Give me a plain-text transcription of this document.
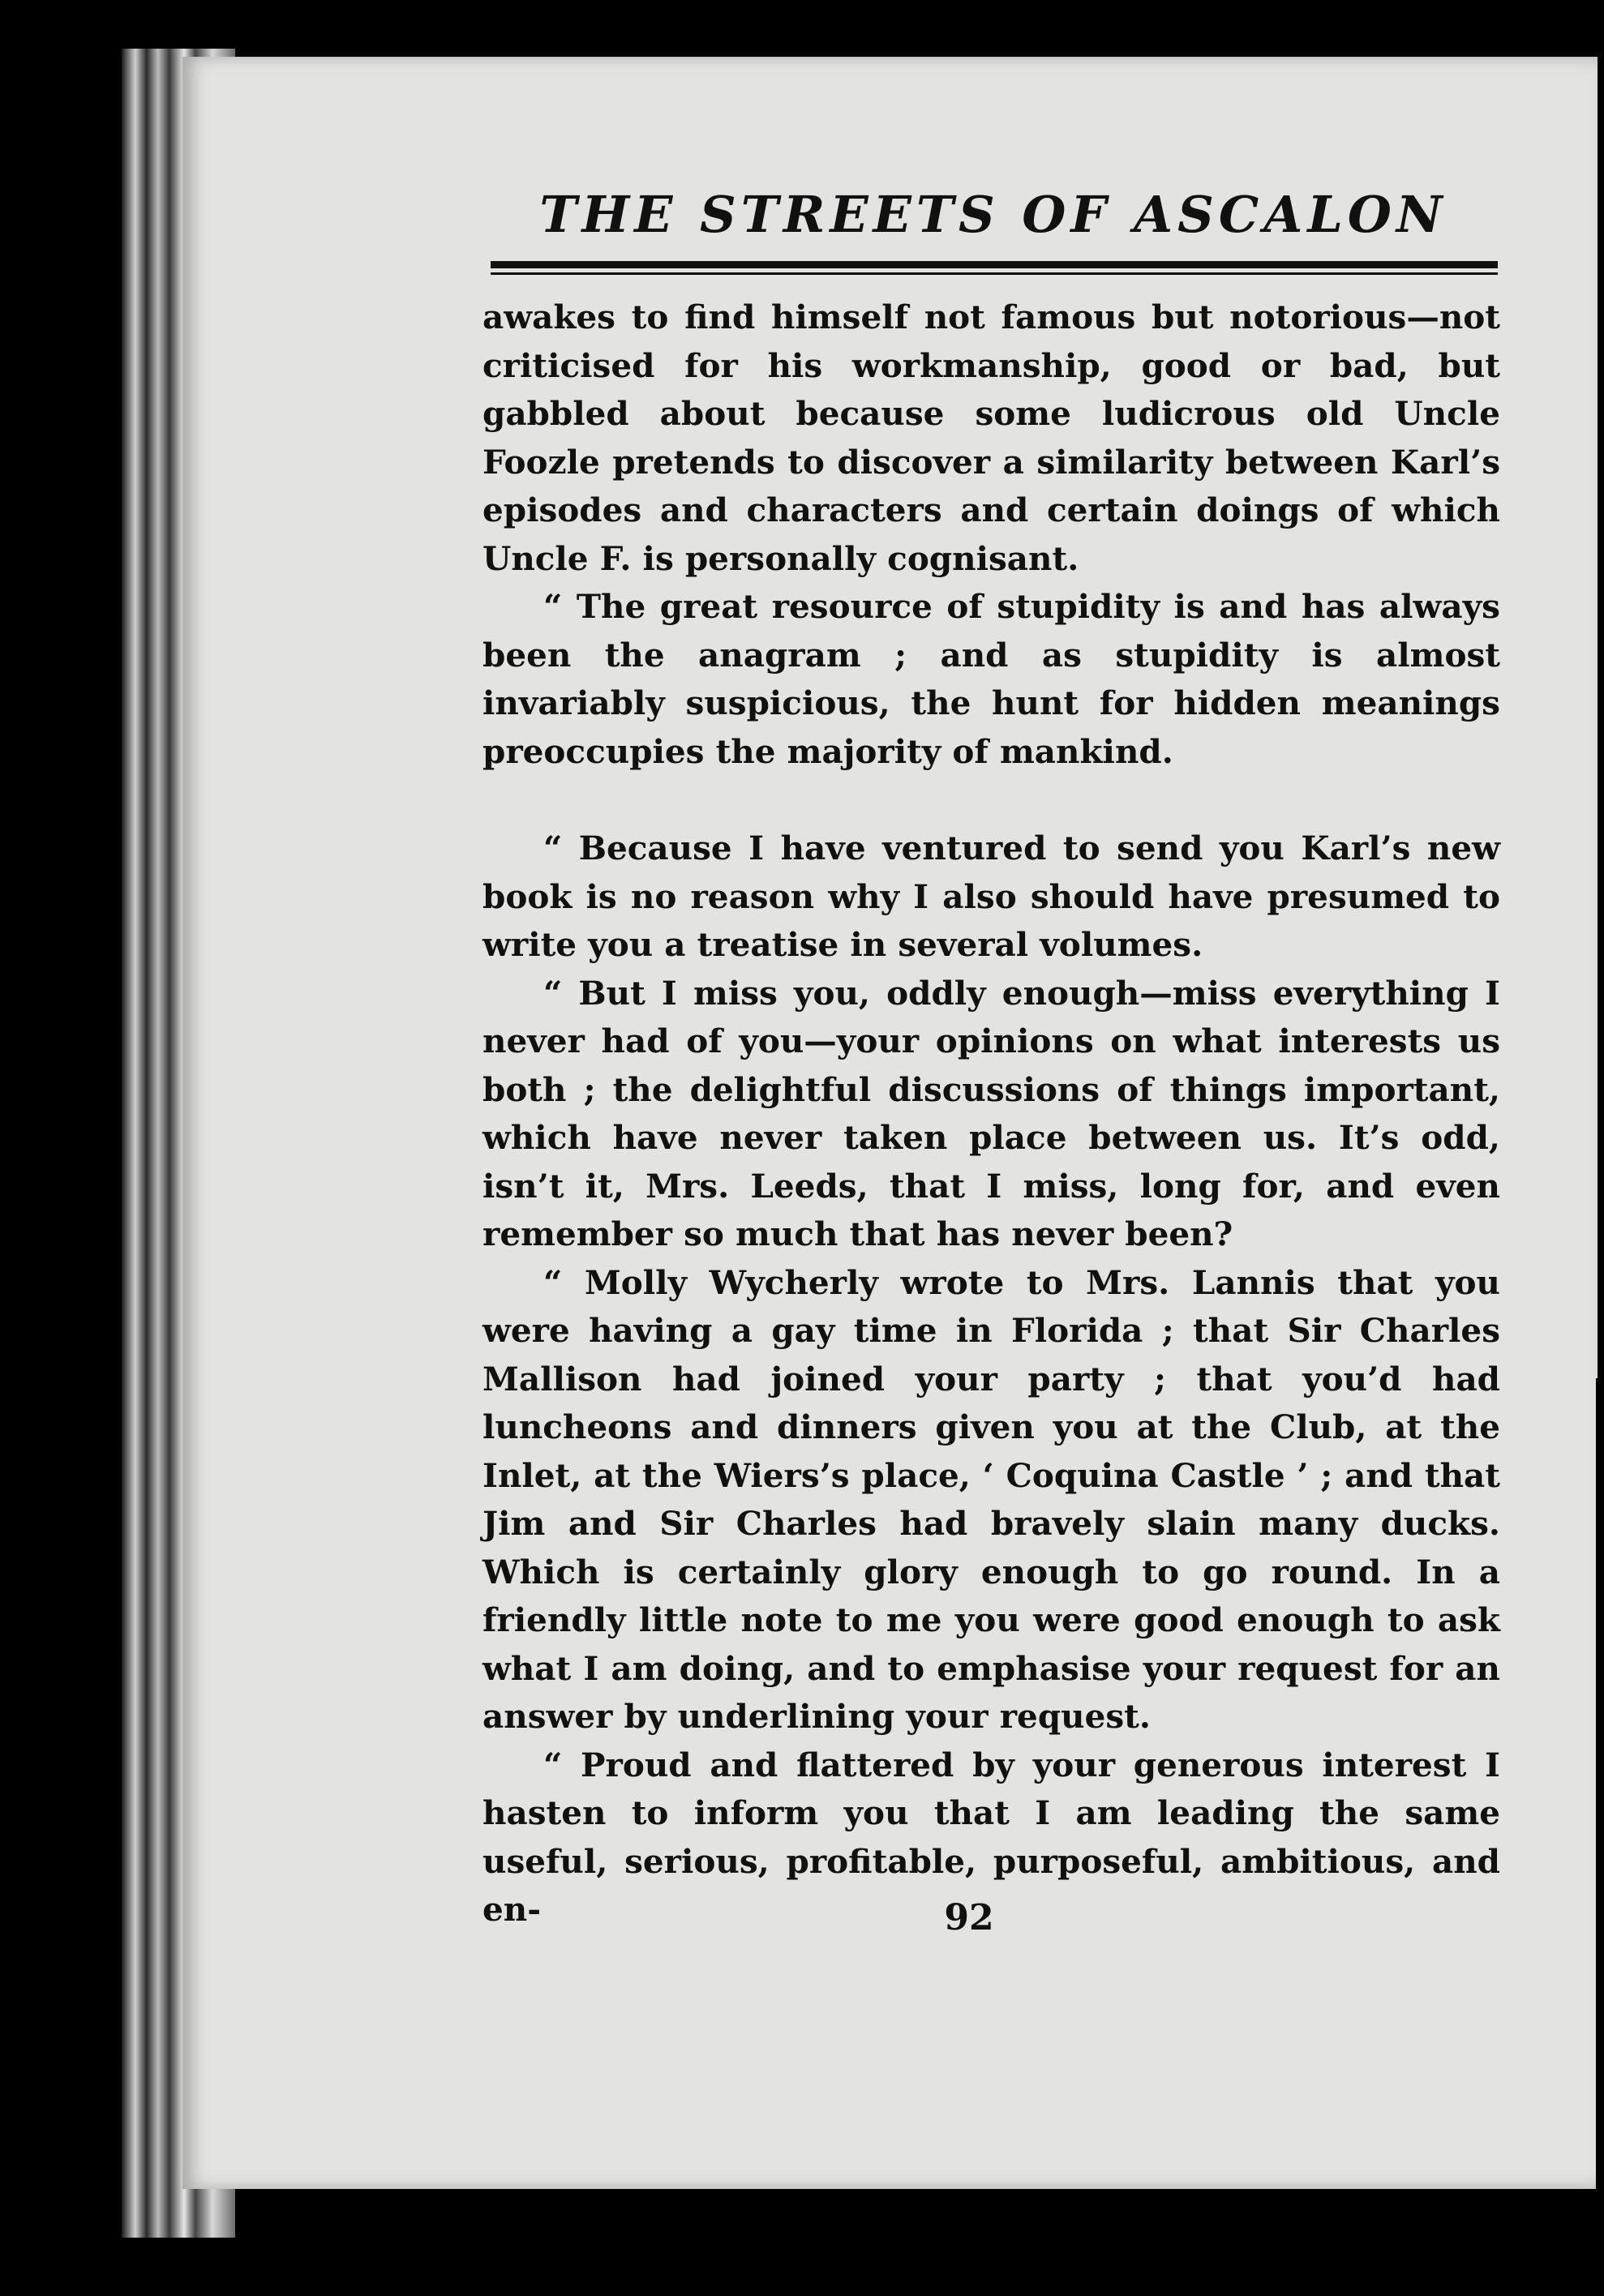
THE STREETS OF ASCALON

awakes to find himself not famous but notorious—not criticised for his workmanship, good or bad, but gabbled about because some ludicrous old Uncle Foozle pretends to discover a similarity between Karl’s episodes and characters and certain doings of which Uncle F. is personally cognisant.

“ The great resource of stupidity is and has always been the anagram ; and as stupidity is almost invariably suspicious, the hunt for hidden meanings preoccupies the majority of mankind.

“ Because I have ventured to send you Karl’s new book is no reason why I also should have presumed to write you a treatise in several volumes.

“ But I miss you, oddly enough—miss everything I never had of you—your opinions on what interests us both ; the delightful discussions of things important, which have never taken place between us. It’s odd, isn’t it, Mrs. Leeds, that I miss, long for, and even remember so much that has never been?

“ Molly Wycherly wrote to Mrs. Lannis that you were having a gay time in Florida ; that Sir Charles Mallison had joined your party ; that you’d had luncheons and dinners given you at the Club, at the Inlet, at the Wiers’s place, ‘ Coquina Castle ’ ; and that Jim and Sir Charles had bravely slain many ducks. Which is certainly glory enough to go round. In a friendly little note to me you were good enough to ask what I am doing, and to emphasise your request for an answer by underlining your request.

“ Proud and flattered by your generous interest I hasten to inform you that I am leading the same useful, serious, profitable, purposeful, ambitious, and en-	92
